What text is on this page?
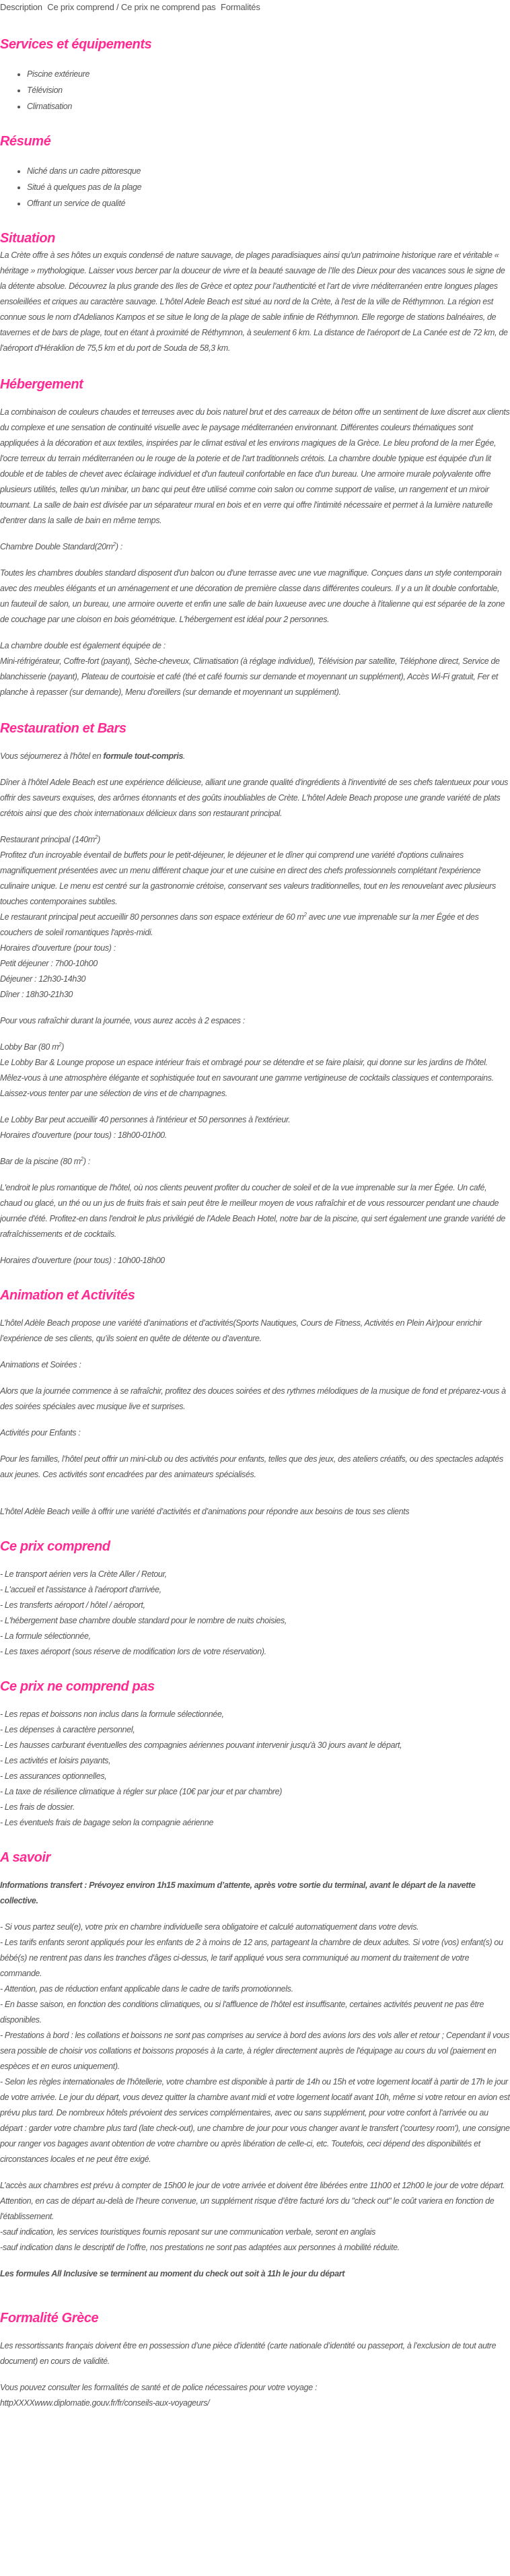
Description Ce prix comprend / Ce prix ne comprend pas Formalités
Services et équipements
• Piscine extérieure
• Télévision
• Climatisation
Résumé
• Niché dans un cadre pittoresque
• Situé à quelques pas de la plage
• Offrant un service de qualité
Situation

La Crète offre à ses hôtes un exquis condensé de nature sauvage, de plages paradisiaques ainsi qu'un patrimoine historique rare et véritable « héritage » mythologique. Laisser vous bercer par la douceur de vivre et la beauté sauvage de l’Ile des Dieux pour des vacances sous le signe de la détente absolue. Découvrez la plus grande des Iles de Grèce et optez pour l’authenticité et l’art de vivre méditerranéen entre longues plages ensoleillées et criques au caractère sauvage. L'hôtel Adele Beach est situé au nord de la Crète, à l'est de la ville de Réthymnon. La région est connue sous le nom d'Adelianos Kampos et se situe le long de la plage de sable infinie de Réthymnon. Elle regorge de stations balnéaires, de tavernes et de bars de plage, tout en étant à proximité de Réthymnon, à seulement 6 km. La distance de l'aéroport de La Canée est de 72 km, de l'aéroport d'Héraklion de 75,5 km et du port de Souda de 58,3 km.

Hébergement

La combinaison de couleurs chaudes et terreuses avec du bois naturel brut et des carreaux de béton offre un sentiment de luxe discret aux clients du complexe et une sensation de continuité visuelle avec le paysage méditerranéen environnant. Différentes couleurs thématiques sont appliquées à la décoration et aux textiles, inspirées par le climat estival et les environs magiques de la Grèce. Le bleu profond de la mer Égée, l'ocre terreux du terrain méditerranéen ou le rouge de la poterie et de l'art traditionnels crétois. La chambre double typique est équipée d'un lit double et de tables de chevet avec éclairage individuel et d'un fauteuil confortable en face d'un bureau. Une armoire murale polyvalente offre plusieurs utilités, telles qu'un minibar, un banc qui peut être utilisé comme coin salon ou comme support de valise, un rangement et un miroir tournant. La salle de bain est divisée par un séparateur mural en bois et en verre qui offre l'intimité nécessaire et permet à la lumière naturelle d'entrer dans la salle de bain en même temps.

Chambre Double $Standard(20m^2)$ :

Toutes les chambres doubles standard disposent d'un balcon ou d'une terrasse avec une vue magnifique. Conçues dans un style contemporain avec des meubles élégants et un aménagement et une décoration de première classe dans différentes couleurs. Il y a un lit double confortable, un fauteuil de salon, un bureau, une armoire ouverte et enfin une salle de bain luxueuse avec une douche à l'italienne qui est séparée de la zone de couchage par une cloison en bois géométrique. L'hébergement est idéal pour 2 personnes.

La chambre double est également équipée de :

Mini-réfrigérateur, Coffre-fort (payant), Sèche-cheveux, Climatisation (à réglage individuel), Télévision par satellite, Téléphone direct, Service de blanchisserie (payant), Plateau de courtoisie et café (thé et café fournis sur demande et moyennant un supplément), Accès Wi-Fi gratuit, Fer et planche à repasser (sur demande), Menu d'oreillers (sur demande et moyennant un supplément).

Restauration et Bars

Vous séjournerez à l'hôtel en formule tout-compris.

Dîner à l'hôtel Adele Beach est une expérience délicieuse, alliant une grande qualité d'ingrédients à l'inventivité de ses chefs talentueux pour vous offrir des saveurs exquises, des arômes étonnants et des goûts inoubliables de Crète. L'hôtel Adele Beach propose une grande variété de plats crétois ainsi que des choix internationaux délicieux dans son restaurant principal.

Restaurant principal $(140m^2)$

Profitez d'un incroyable éventail de buffets pour le petit-déjeuner, le déjeuner et le dîner qui comprend une variété d'options culinaires magnifiquement présentées avec un menu différent chaque jour et une cuisine en direct des chefs professionnels complétant l'expérience culinaire unique. Le menu est centré sur la gastronomie crétoise, conservant ses valeurs traditionnelles, tout en les renouvelant avec plusieurs touches contemporaines subtiles.

Le restaurant principal peut accueillir 80 personnes dans son espace extérieur de 60 $m^2$ avec une vue imprenable sur la mer Égée et des couchers de soleil romantiques l'après-midi.

Horaires d'ouverture (pour tous) :

Petit déjeuner : 7h00-10h00

Déjeuner : 12h30-14h30

Dîner : 18h30-21h30

Pour vous rafraîchir durant la journée, vous aurez accès à 2 espaces :

Lobby Bar (80 $m^2$)

Le Lobby Bar & Lounge propose un espace intérieur frais et ombragé pour se détendre et se faire plaisir, qui donne sur les jardins de l'hôtel. Mêlez-vous à une atmosphère élégante et sophistiquée tout en savourant une gamme vertigineuse de cocktails classiques et contemporains. Laissez-vous tenter par une sélection de vins et de champagnes.

Le Lobby Bar peut accueillir 40 personnes à l'intérieur et 50 personnes à l'extérieur.

Horaires d'ouverture (pour tous) : 18h00-01h00.

Bar de la piscine (80 $m^2$) :

L'endroit le plus romantique de l'hôtel, où nos clients peuvent profiter du coucher de soleil et de la vue imprenable sur la mer Égée. Un café, chaud ou glacé, un thé ou un jus de fruits frais et sain peut être le meilleur moyen de vous rafraîchir et de vous ressourcer pendant une chaude journée d'été. Profitez-en dans l'endroit le plus privilégié de l'Adele Beach Hotel, notre bar de la piscine, qui sert également une grande variété de rafraîchissements et de cocktails.

Horaires d'ouverture (pour tous) : 10h00-18h00

Animation et Activités

L’hôtel Adèle Beach propose une variété d’animations et d’activités(Sports Nautiques, Cours de Fitness, Activités en Plein Air)pour enrichir l’expérience de ses clients, qu’ils soient en quête de détente ou d’aventure.

Animations et Soirées :

Alors que la journée commence à se rafraîchir, profitez des douces soirées et des rythmes mélodiques de la musique de fond et préparez-vous à des soirées spéciales avec musique live et surprises.

Activités pour Enfants :

Pour les familles, l’hôtel peut offrir un mini-club ou des activités pour enfants, telles que des jeux, des ateliers créatifs, ou des spectacles adaptés aux jeunes. Ces activités sont encadrées par des animateurs spécialisés.

L’hôtel Adèle Beach veille à offrir une variété d’activités et d’animations pour répondre aux besoins de tous ses clients

Ce prix comprend

- Le transport aérien vers la Crète Aller / Retour,

- L'accueil et l'assistance à l'aéroport d'arrivée,

- Les transferts aéroport / hôtel / aéroport,

- L'hébergement base chambre double standard pour le nombre de nuits choisies,

- La formule sélectionnée,

- Les taxes aéroport (sous réserve de modification lors de votre réservation).

Ce prix ne comprend pas

- Les repas et boissons non inclus dans la formule sélectionnée,

- Les dépenses à caractère personnel,

- Les hausses carburant éventuelles des compagnies aériennes pouvant intervenir jusqu'à 30 jours avant le départ,

- Les activités et loisirs payants,

- Les assurances optionnelles,

- La taxe de résilience climatique à régler sur place (10€ par jour et par chambre)

- Les frais de dossier.

- Les éventuels frais de bagage selon la compagnie aérienne

A savoir

Informations transfert : Prévoyez environ 1h15 maximum d’attente, après votre sortie du terminal, avant le départ de la navette collective.

- Si vous partez seul(e), votre prix en chambre individuelle sera obligatoire et calculé automatiquement dans votre devis.

- Les tarifs enfants seront appliqués pour les enfants de 2 à moins de 12 ans, partageant la chambre de deux adultes. Si votre (vos) enfant(s) ou bébé(s) ne rentrent pas dans les tranches d'âges ci-dessus, le tarif appliqué vous sera communiqué au moment du traitement de votre commande.

- Attention, pas de réduction enfant applicable dans le cadre de tarifs promotionnels.

- En basse saison, en fonction des conditions climatiques, ou si l'affluence de l'hôtel est insuffisante, certaines activités peuvent ne pas être disponibles.

- Prestations à bord : les collations et boissons ne sont pas comprises au service à bord des avions lors des vols aller et retour ; Cependant il vous sera possible de choisir vos collations et boissons proposés à la carte, à régler directement auprès de l'équipage au cours du vol (paiement en espèces et en euros uniquement).

- Selon les règles internationales de l'hôtellerie, votre chambre est disponible à partir de 14h ou 15h et votre logement locatif à partir de 17h le jour de votre arrivée. Le jour du départ, vous devez quitter la chambre avant midi et votre logement locatif avant 10h, même si votre retour en avion est prévu plus tard. De nombreux hôtels prévoient des services complémentaires, avec ou sans supplément, pour votre confort à l'arrivée ou au départ : garder votre chambre plus tard (late check-out), une chambre de jour pour vous changer avant le transfert ('courtesy room'), une consigne pour ranger vos bagages avant obtention de votre chambre ou après libération de celle-ci, etc. Toutefois, ceci dépend des disponibilités et circonstances locales et ne peut être exigé.

L’accès aux chambres est prévu à compter de 15h00 le jour de votre arrivée et doivent être libérées entre 11h00 et 12h00 le jour de votre départ.

Attention, en cas de départ au-delà de l’heure convenue, un supplément risque d’être facturé lors du "check out" le coût variera en fonction de l'établissement.

-sauf indication, les services touristiques fournis reposant sur une communication verbale, seront en anglais

-sauf indication dans le descriptif de l’offre, nos prestations ne sont pas adaptées aux personnes à mobilité réduite.

Les formules All Inclusive se terminent au moment du check out soit à 11h le jour du départ

Formalité Grèce

Les ressortissants français doivent être en possession d’une pièce d’identité (carte nationale d’identité ou passeport, à l’exclusion de tout autre document) en cours de validité.

Vous pouvez consulter les formalités de santé et de police nécessaires pour votre voyage :

httpXXXXwww.diplomatie.gouv.fr/fr/conseils-aux-voyageurs/
